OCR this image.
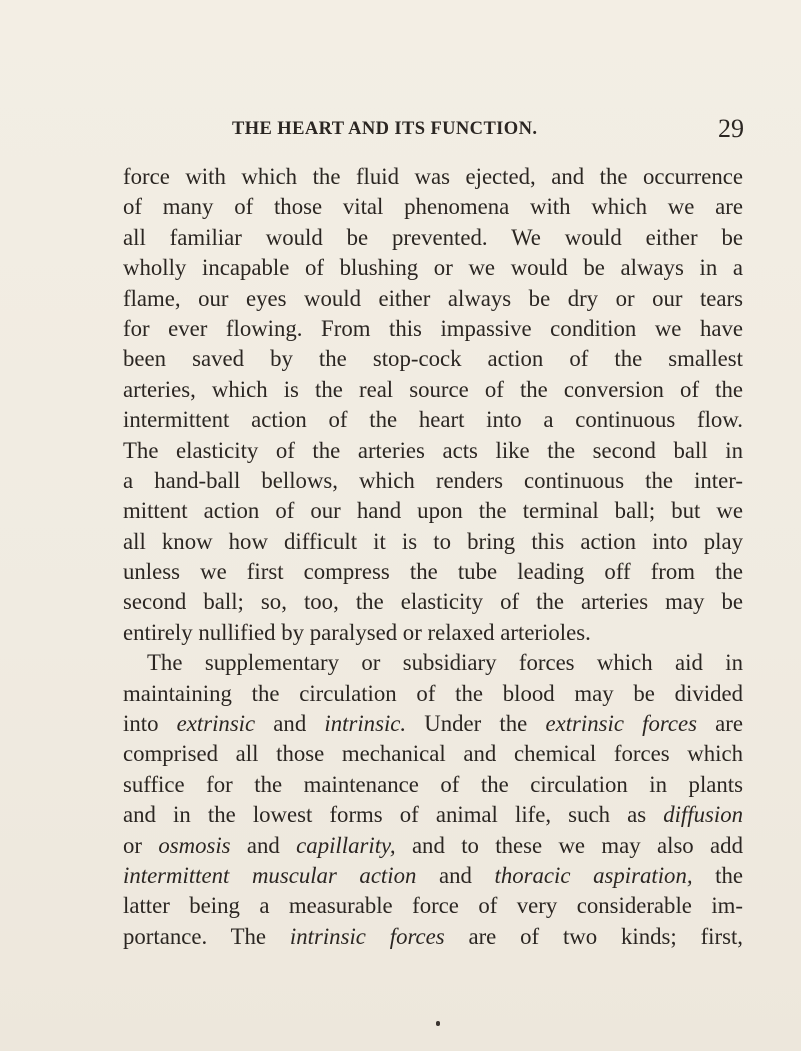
THE HEART AND ITS FUNCTION.	29
force with which the fluid was ejected, and the occurrence
of many of those vital phenomena with which we are
all familiar would be prevented. We would either be
wholly incapable of blushing or we would be always in a
flame, our eyes would either always be dry or our tears
for ever flowing. From this impassive condition we have
been saved by the stop-cock action of the smallest
arteries, which is the real source of the conversion of the
intermittent action of the heart into a continuous flow.
The elasticity of the arteries acts like the second ball in
a hand-ball bellows, which renders continuous the inter-
mittent action of our hand upon the terminal ball; but we
all know how difficult it is to bring this action into play
unless we first compress the tube leading off from the
second ball; so, too, the elasticity of the arteries may be
entirely nullified by paralysed or relaxed arterioles.
The supplementary or subsidiary forces which aid in
maintaining the circulation of the blood may be divided
into extrinsic and intrinsic. Under the extrinsic forces are
comprised all those mechanical and chemical forces which
suffice for the maintenance of the circulation in plants
and in the lowest forms of animal life, such as diffusion
or osmosis and capillarity, and to these we may also add
intermittent muscular action and thoracic aspiration, the
latter being a measurable force of very considerable im-
portance. The intrinsic forces are of two kinds; first,
